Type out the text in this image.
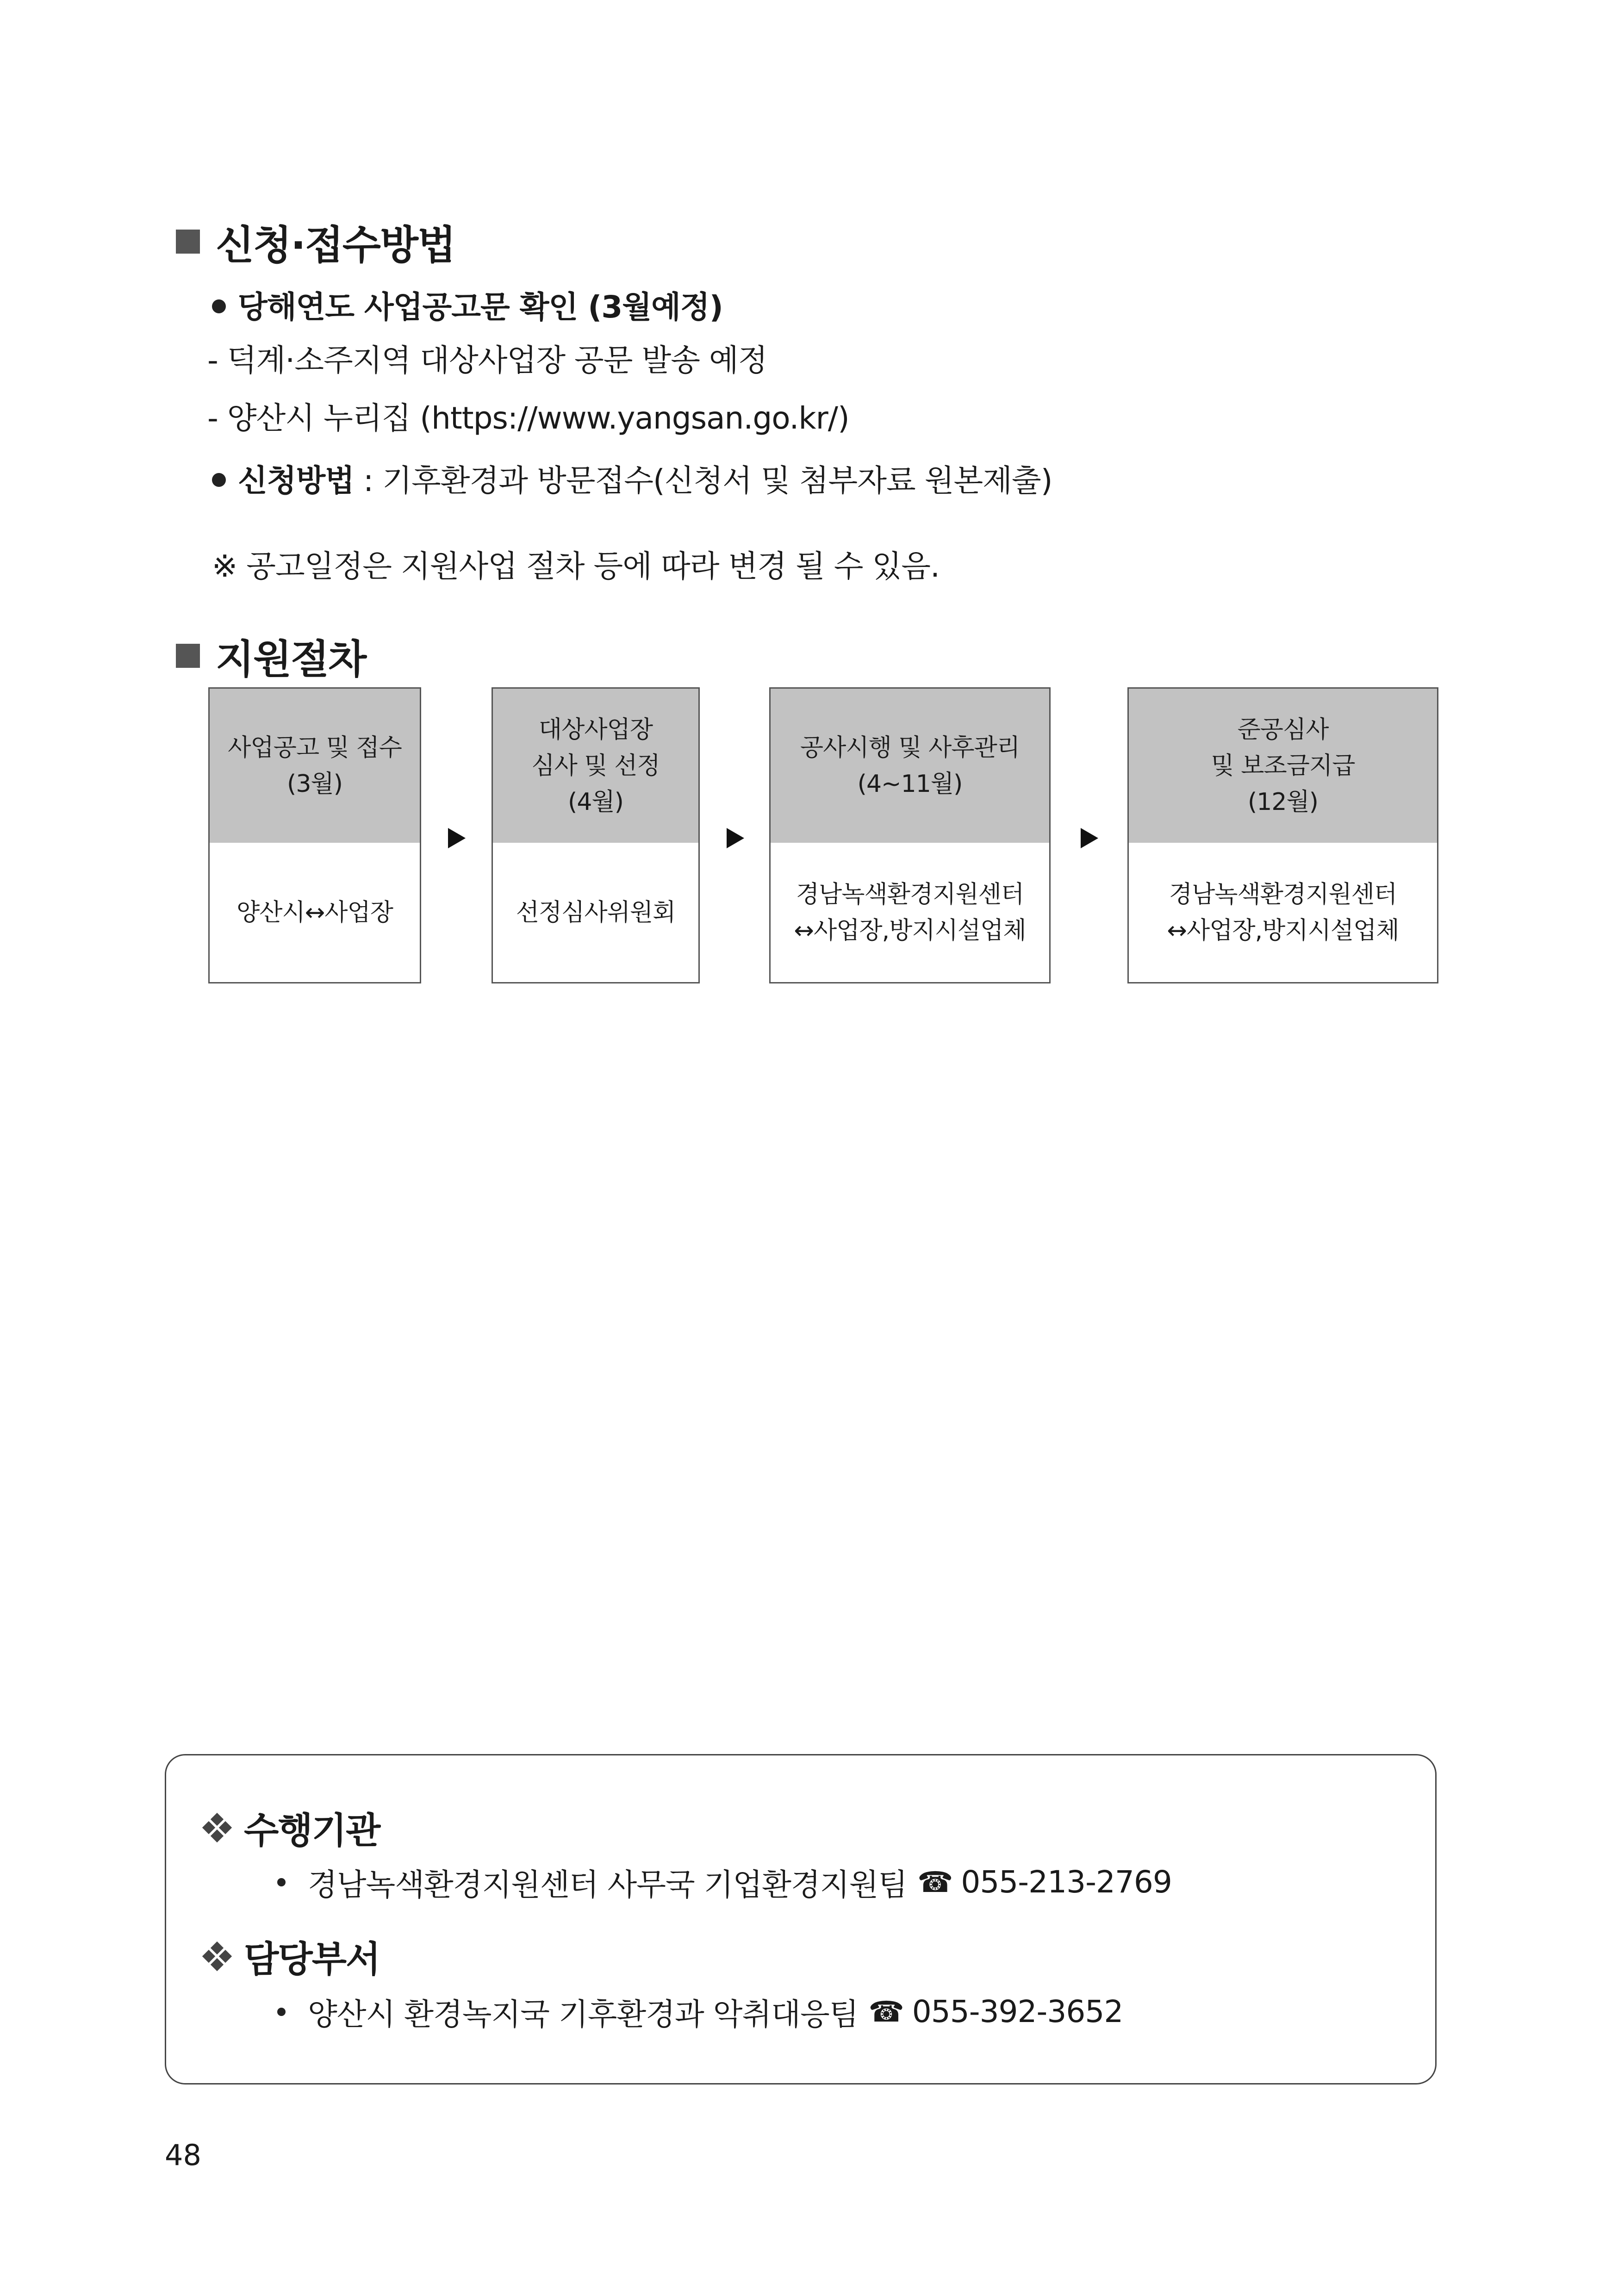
신청·접수방법
당해연도 사업공고문 확인 (3월예정)
- 덕계·소주지역 대상사업장 공문 발송 예정
- 양산시 누리집 (https://www.yangsan.go.kr/)
신청방법 : 기후환경과 방문접수(신청서 및 첨부자료 원본제출)
※ 공고일정은 지원사업 절차 등에 따라 변경 될 수 있음.
지원절차
사업공고 및 접수
(3월)
양산시↔사업장
대상사업장
심사 및 선정
(4월)
선정심사위원회
공사시행 및 사후관리
(4~11월)
경남녹색환경지원센터
↔사업장,방지시설업체
준공심사
및 보조금지급
(12월)
경남녹색환경지원센터
↔사업장,방지시설업체
수행기관
경남녹색환경지원센터 사무국 기업환경지원팀 ☎ 055-213-2769
담당부서
양산시 환경녹지국 기후환경과 악취대응팀 ☎ 055-392-3652
48
